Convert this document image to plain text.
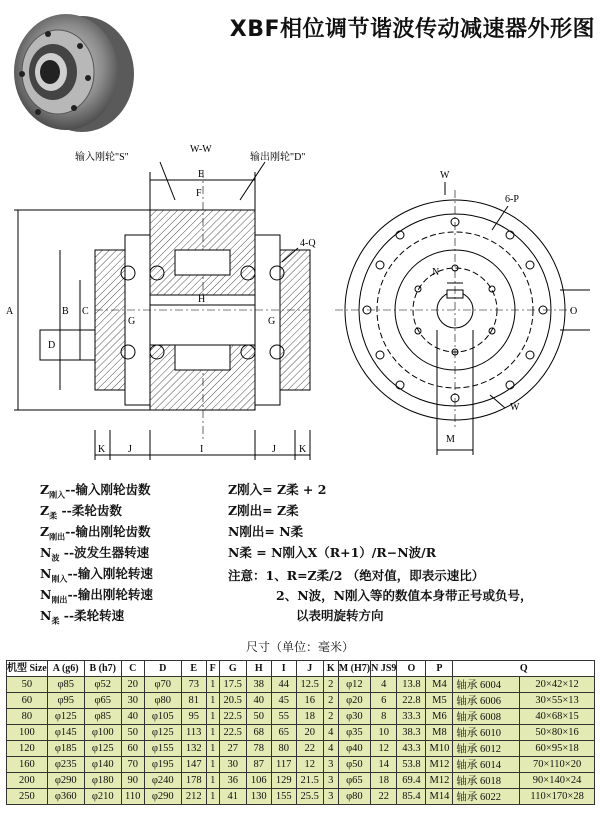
XBF相位调节谐波传动减速器外形图
输入刚轮"S"	输出刚轮"D"
W-W
E
F
H
G	G
D
A	B C
4-Q
K J	I	J K
W
6-P
N
O
W
M
$Z_{刚入}--$输入刚轮齿数
$Z_柔$ --柔轮齿数
$Z_{刚出}--$输出刚轮齿数
$N_波$ --波发生器转速
$N_{刚入}--$输入刚轮转速
$N_{刚出}--$输出刚轮转速
$N_柔$ --柔轮转速
Z刚入= Z柔 + 2
Z刚出= Z柔
N刚出= N柔
N柔 = N刚入X（R+1）/R−N波/R
注意：1、R=Z柔/2 （绝对值，即表示速比）
2、N波，N刚入等的数值本身带正号或负号，
以表明旋转方向
尺寸（单位：毫米）
机型 Size	A (g6)	B (h7)	C	D	E	F	G	H	I	J	K	M (H7)	N JS9	O	P	Q	
50	φ85	φ52	20	φ70	73	1	17.5	38	44	12.5	2	φ12	4	13.8	M4	轴承 6004	20×42×12
60	φ95	φ65	30	φ80	81	1	20.5	40	45	16	2	φ20	6	22.8	M5	轴承 6006	30×55×13
80	φ125	φ85	40	φ105	95	1	22.5	50	55	18	2	φ30	8	33.3	M6	轴承 6008	40×68×15
100	φ145	φ100	50	φ125	113	1	22.5	68	65	20	4	φ35	10	38.3	M8	轴承 6010	50×80×16
120	φ185	φ125	60	φ155	132	1	27	78	80	22	4	φ40	12	43.3	M10	轴承 6012	60×95×18
160	φ235	φ140	70	φ195	147	1	30	87	117	12	3	φ50	14	53.8	M12	轴承 6014	70×110×20
200	φ290	φ180	90	φ240	178	1	36	106	129	21.5	3	φ65	18	69.4	M12	轴承 6018	90×140×24
250	φ360	φ210	110	φ290	212	1	41	130	155	25.5	3	φ80	22	85.4	M14	轴承 6022	110×170×28
